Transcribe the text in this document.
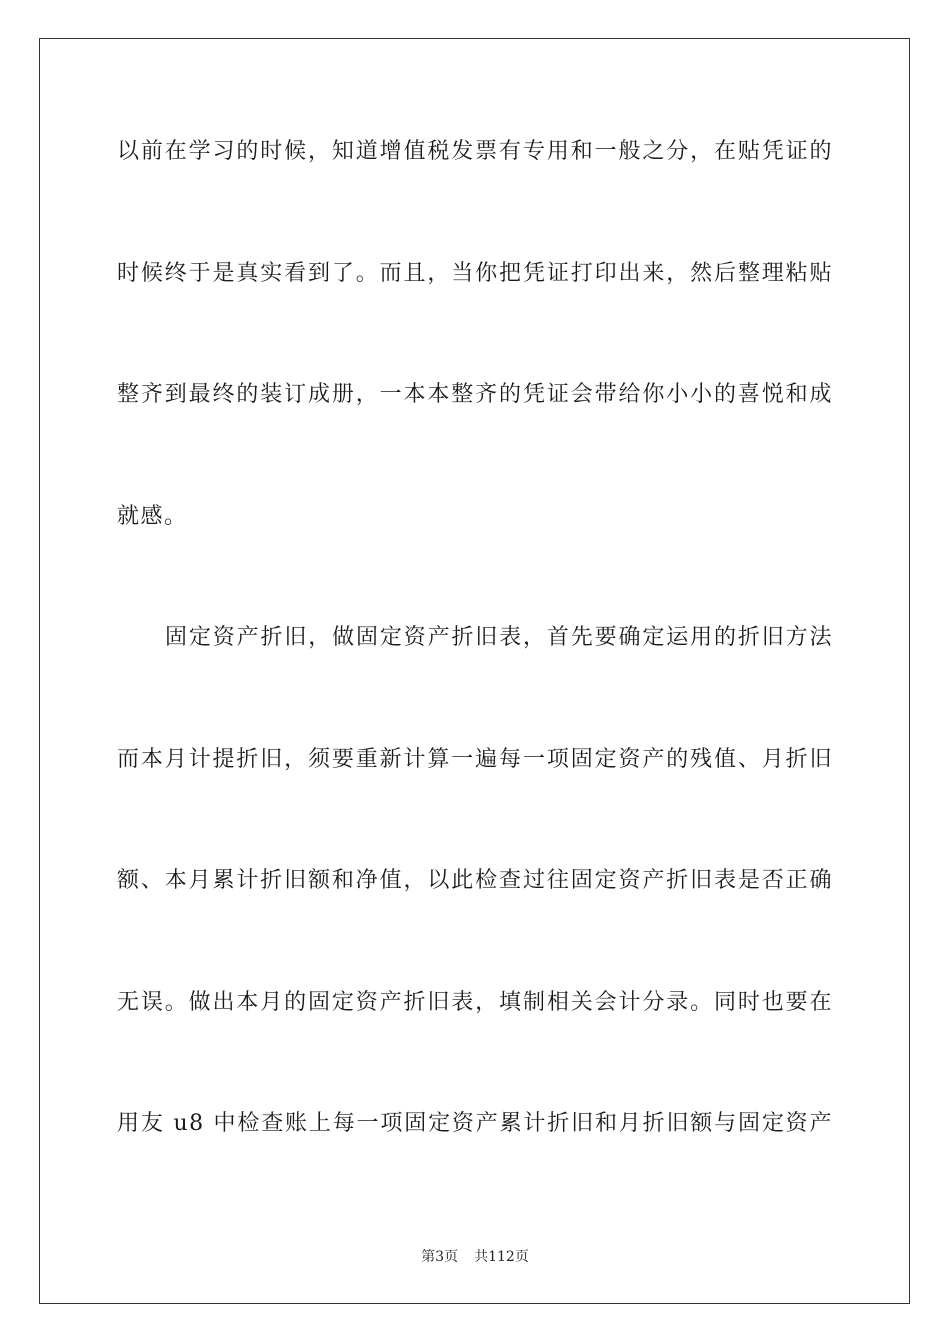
以前在学习的时候，知道增值税发票有专用和一般之分，在贴凭证的
时候终于是真实看到了。而且，当你把凭证打印出来，然后整理粘贴
整齐到最终的装订成册，一本本整齐的凭证会带给你小小的喜悦和成
就感。
固定资产折旧，做固定资产折旧表，首先要确定运用的折旧方法
而本月计提折旧，须要重新计算一遍每一项固定资产的残值、月折旧
额、本月累计折旧额和净值，以此检查过往固定资产折旧表是否正确
无误。做出本月的固定资产折旧表，填制相关会计分录。同时也要在
用友 u8 中检查账上每一项固定资产累计折旧和月折旧额与固定资产
第3页 共112页
